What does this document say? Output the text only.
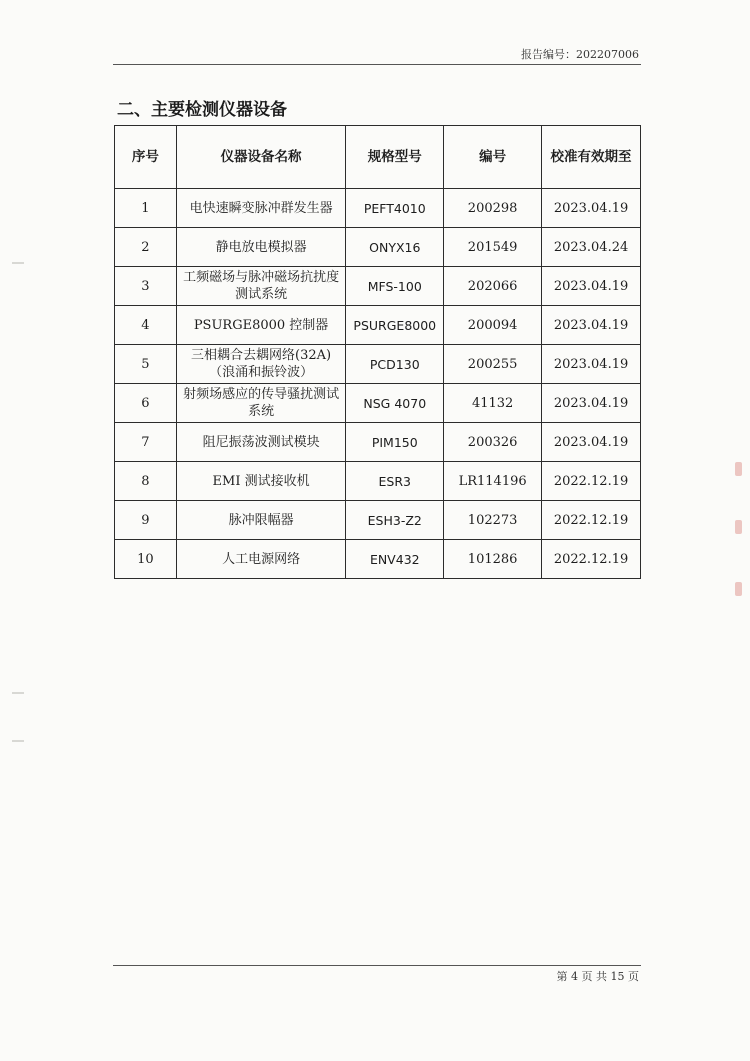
报告编号：202207006
二、主要检测仪器设备
序号	仪器设备名称	规格型号	编号	校准有效期至
1	电快速瞬变脉冲群发生器	PEFT4010	200298	2023.04.19
2	静电放电模拟器	ONYX16	201549	2023.04.24
3	工频磁场与脉冲磁场抗扰度测试系统	MFS-100	202066	2023.04.19
4	PSURGE8000 控制器	PSURGE8000	200094	2023.04.19
5	三相耦合去耦网络(32A)（浪涌和振铃波）	PCD130	200255	2023.04.19
6	射频场感应的传导骚扰测试系统	NSG 4070	41132	2023.04.19
7	阻尼振荡波测试模块	PIM150	200326	2023.04.19
8	EMI 测试接收机	ESR3	LR114196	2022.12.19
9	脉冲限幅器	ESH3-Z2	102273	2022.12.19
10	人工电源网络	ENV432	101286	2022.12.19
第 4 页 共 15 页
